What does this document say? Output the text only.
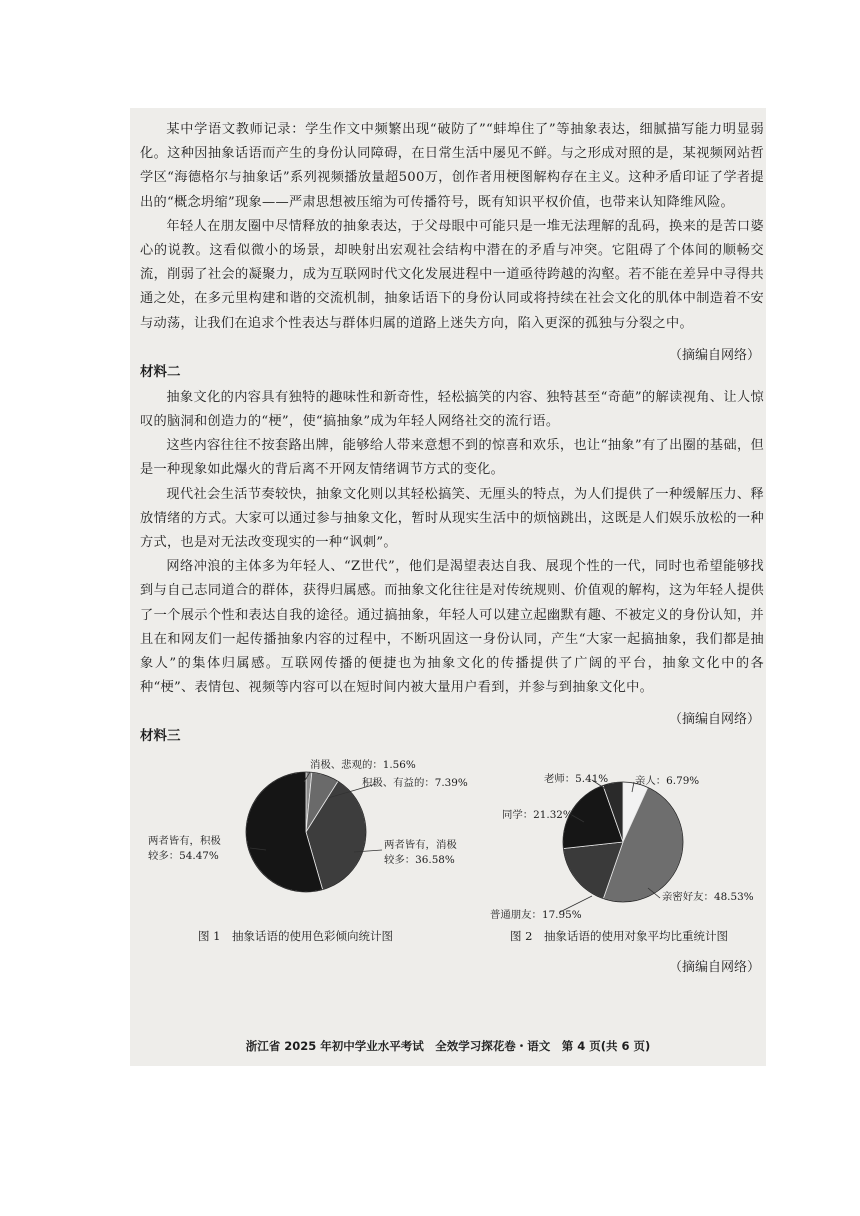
某中学语文教师记录：学生作文中频繁出现“破防了”“蚌埠住了”等抽象表达，细腻描写能力明显弱化。这种因抽象话语而产生的身份认同障碍，在日常生活中屡见不鲜。与之形成对照的是，某视频网站哲学区“海德格尔与抽象话”系列视频播放量超500万，创作者用梗图解构存在主义。这种矛盾印证了学者提出的“概念坍缩”现象——严肃思想被压缩为可传播符号，既有知识平权价值，也带来认知降维风险。

年轻人在朋友圈中尽情释放的抽象表达，于父母眼中可能只是一堆无法理解的乱码，换来的是苦口婆心的说教。这看似微小的场景，却映射出宏观社会结构中潜在的矛盾与冲突。它阻碍了个体间的顺畅交流，削弱了社会的凝聚力，成为互联网时代文化发展进程中一道亟待跨越的沟壑。若不能在差异中寻得共通之处，在多元里构建和谐的交流机制，抽象话语下的身份认同或将持续在社会文化的肌体中制造着不安与动荡，让我们在追求个性表达与群体归属的道路上迷失方向，陷入更深的孤独与分裂之中。

（摘编自网络）
材料二

抽象文化的内容具有独特的趣味性和新奇性，轻松搞笑的内容、独特甚至“奇葩”的解读视角、让人惊叹的脑洞和创造力的“梗”，使“搞抽象”成为年轻人网络社交的流行语。

这些内容往往不按套路出牌，能够给人带来意想不到的惊喜和欢乐，也让“抽象”有了出圈的基础，但是一种现象如此爆火的背后离不开网友情绪调节方式的变化。

现代社会生活节奏较快，抽象文化则以其轻松搞笑、无厘头的特点，为人们提供了一种缓解压力、释放情绪的方式。大家可以通过参与抽象文化，暂时从现实生活中的烦恼跳出，这既是人们娱乐放松的一种方式，也是对无法改变现实的一种“讽刺”。

网络冲浪的主体多为年轻人、“Z世代”，他们是渴望表达自我、展现个性的一代，同时也希望能够找到与自己志同道合的群体，获得归属感。而抽象文化往往是对传统规则、价值观的解构，这为年轻人提供了一个展示个性和表达自我的途径。通过搞抽象，年轻人可以建立起幽默有趣、不被定义的身份认知，并且在和网友们一起传播抽象内容的过程中，不断巩固这一身份认同，产生“大家一起搞抽象，我们都是抽象人”的集体归属感。互联网传播的便捷也为抽象文化的传播提供了广阔的平台，抽象文化中的各种“梗”、表情包、视频等内容可以在短时间内被大量用户看到，并参与到抽象文化中。

（摘编自网络）
材料三
消极、悲观的：1.56%
积极、有益的：7.39%
两者皆有，消极
较多：36.58%
两者皆有，积极
较多：54.47%
图 1　抽象话语的使用色彩倾向统计图
老师：5.41%	亲人：6.79%
同学：21.32%
亲密好友：48.53%
普通朋友：17.95%
图 2　抽象话语的使用对象平均比重统计图
（摘编自网络）
浙江省 2025 年初中学业水平考试　全效学习探花卷・语文　第 4 页(共 6 页)
